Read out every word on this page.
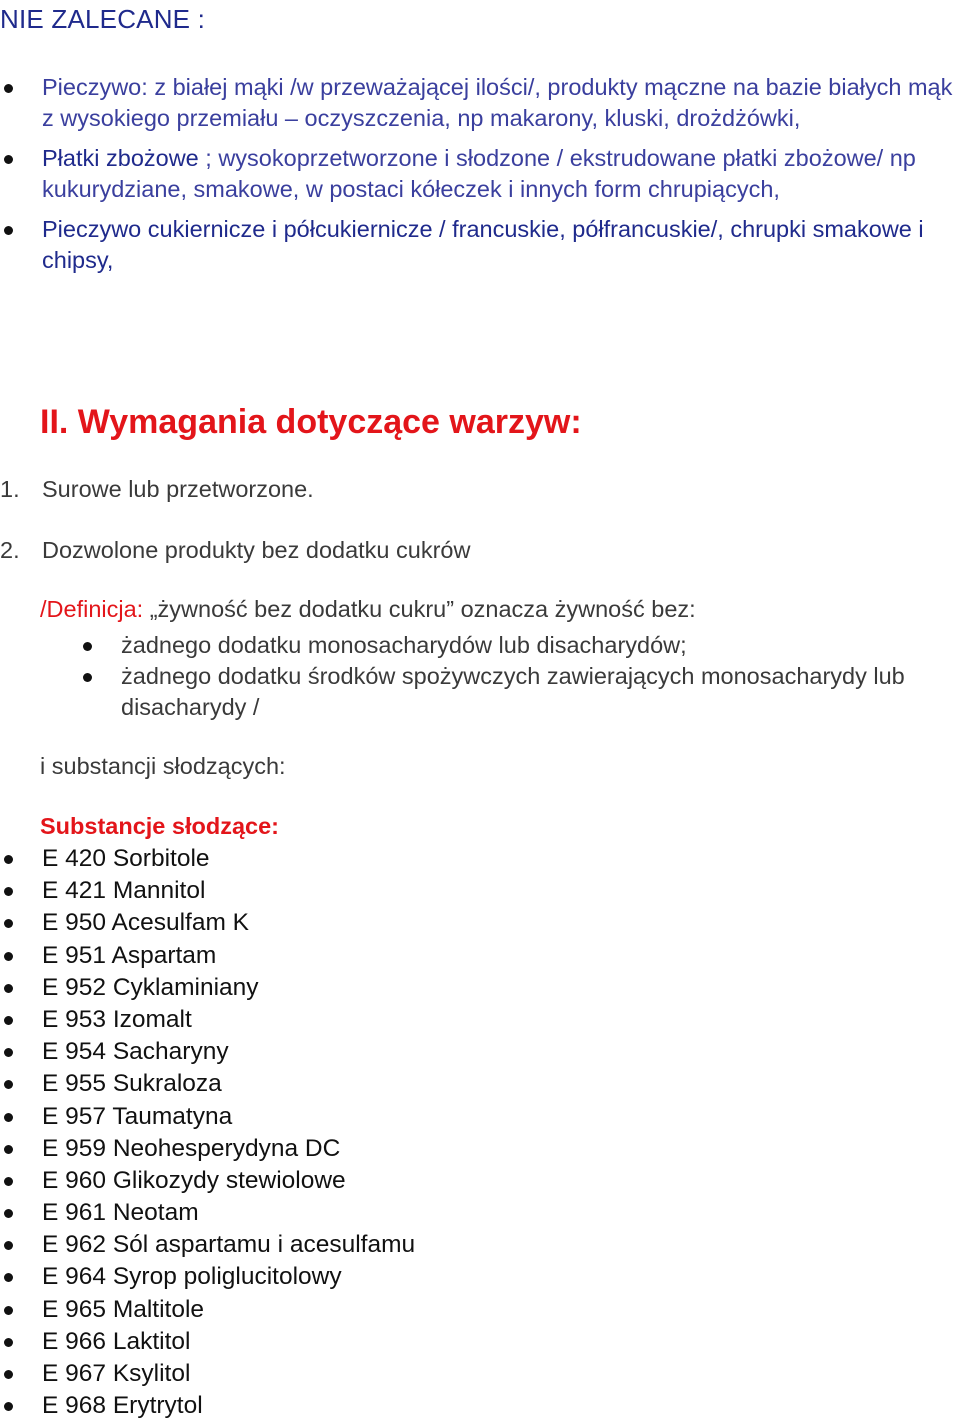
NIE ZALECANE :
Pieczywo: z białej mąki /w przeważającej ilości/, produkty mączne na bazie białych mąk z wysokiego przemiału – oczyszczenia, np makarony, kluski, drożdżówki,
Płatki zbożowe ; wysokoprzetworzone i słodzone / ekstrudowane płatki zbożowe/ np kukurydziane, smakowe, w postaci kółeczek i innych form chrupiących,
Pieczywo cukiernicze i półcukiernicze / francuskie, półfrancuskie/, chrupki smakowe i chipsy,
II. Wymagania dotyczące warzyw:
1. Surowe lub przetworzone.
2. Dozwolone produkty bez dodatku cukrów
/Definicja: „żywność bez dodatku cukru” oznacza żywność bez:
żadnego dodatku monosacharydów lub disacharydów;
żadnego dodatku środków spożywczych zawierających monosacharydy lub disacharydy /
i substancji słodzących:
Substancje słodzące:
E 420 Sorbitole
E 421 Mannitol
E 950 Acesulfam K
E 951 Aspartam
E 952 Cyklaminiany
E 953 Izomalt
E 954 Sacharyny
E 955 Sukraloza
E 957 Taumatyna
E 959 Neohesperydyna DC
E 960 Glikozydy stewiolowe
E 961 Neotam
E 962 Sól aspartamu i acesulfamu
E 964 Syrop poliglucitolowy
E 965 Maltitole
E 966 Laktitol
E 967 Ksylitol
E 968 Erytrytol
